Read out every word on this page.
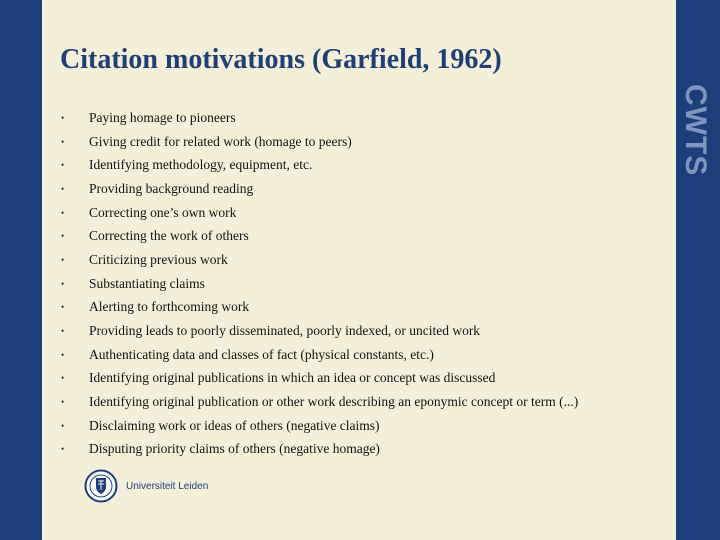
Citation motivations (Garfield, 1962)
•	Paying homage to pioneers
•	Giving credit for related work (homage to peers)
•	Identifying methodology, equipment, etc.
•	Providing background reading
•	Correcting one’s own work
•	Correcting the work of others
•	Criticizing previous work
•	Substantiating claims
•	Alerting to forthcoming work
•	Providing leads to poorly disseminated, poorly indexed, or uncited work
•	Authenticating data and classes of fact (physical constants, etc.)
•	Identifying original publications in which an idea or concept was discussed
•	Identifying original publication or other work describing an eponymic concept or term (...)
•	Disclaiming work or ideas of others (negative claims)
•	Disputing priority claims of others (negative homage)
CWTS
Universiteit Leiden
